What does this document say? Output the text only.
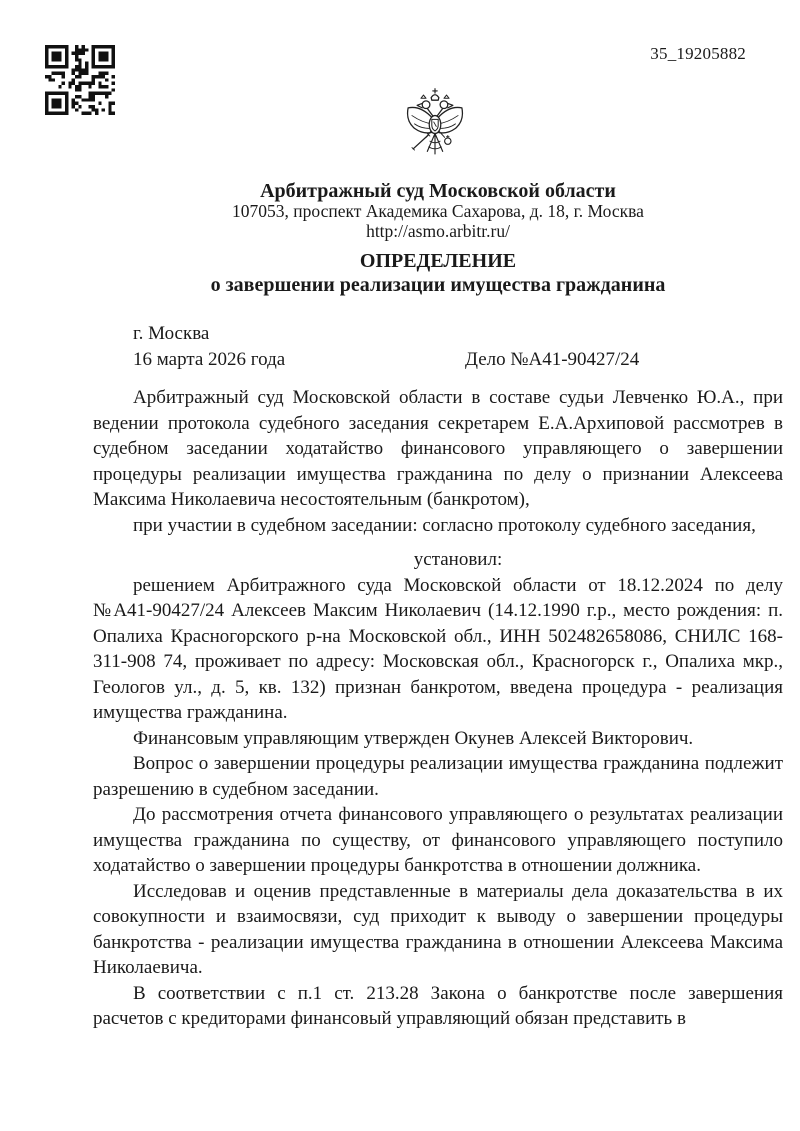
35_19205882
Арбитражный суд Московской области
107053, проспект Академика Сахарова, д. 18, г. Москва
http://asmo.arbitr.ru/
ОПРЕДЕЛЕНИЕ
о завершении реализации имущества гражданина

г. Москва

16 марта 2026 года	Дело №А41-90427/24

Арбитражный суд Московской области в составе судьи Левченко Ю.А., при ведении протокола судебного заседания секретарем Е.А.Архиповой рассмотрев в судебном заседании ходатайство финансового управляющего о завершении процедуры реализации имущества гражданина по делу о признании Алексеева Максима Николаевича несостоятельным (банкротом),

при участии в судебном заседании: согласно протоколу судебного заседания,

установил:

решением Арбитражного суда Московской области от 18.12.2024 по делу №А41-90427/24 Алексеев Максим Николаевич (14.12.1990 г.р., место рождения: п. Опалиха Красногорского р-на Московской обл., ИНН 502482658086, СНИЛС 168-311-908 74, проживает по адресу: Московская обл., Красногорск г., Опалиха мкр., Геологов ул., д. 5, кв. 132) признан банкротом, введена процедура - реализация имущества гражданина.

Финансовым управляющим утвержден Окунев Алексей Викторович.

Вопрос о завершении процедуры реализации имущества гражданина подлежит разрешению в судебном заседании.

До рассмотрения отчета финансового управляющего о результатах реализации имущества гражданина по существу, от финансового управляющего поступило ходатайство о завершении процедуры банкротства в отношении должника.

Исследовав и оценив представленные в материалы дела доказательства в их совокупности и взаимосвязи, суд приходит к выводу о завершении процедуры банкротства - реализации имущества гражданина в отношении Алексеева Максима Николаевича.

В соответствии с п.1 ст. 213.28 Закона о банкротстве после завершения расчетов с кредиторами финансовый управляющий обязан представить в
